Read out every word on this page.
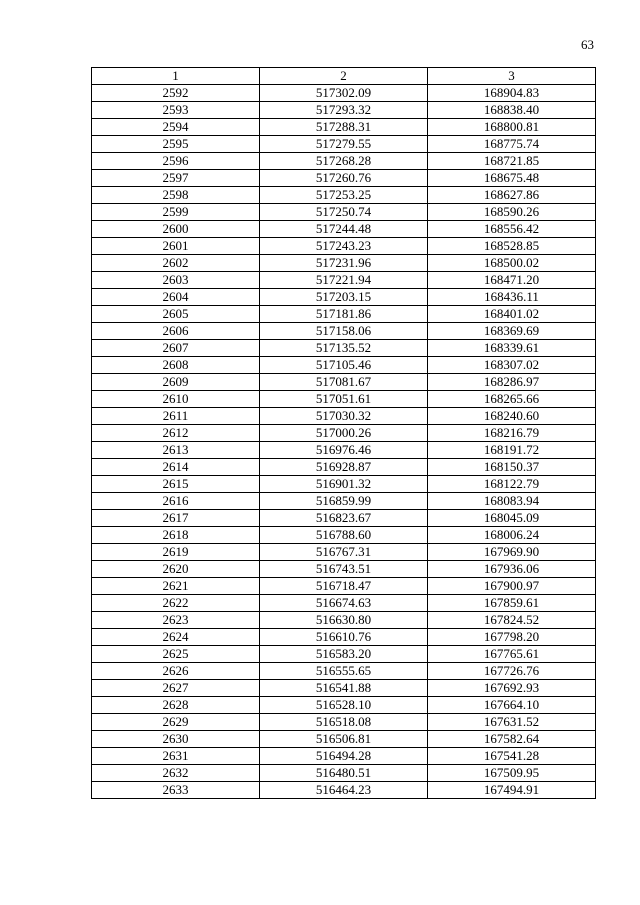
63
1	2	3
2592	517302.09	168904.83
2593	517293.32	168838.40
2594	517288.31	168800.81
2595	517279.55	168775.74
2596	517268.28	168721.85
2597	517260.76	168675.48
2598	517253.25	168627.86
2599	517250.74	168590.26
2600	517244.48	168556.42
2601	517243.23	168528.85
2602	517231.96	168500.02
2603	517221.94	168471.20
2604	517203.15	168436.11
2605	517181.86	168401.02
2606	517158.06	168369.69
2607	517135.52	168339.61
2608	517105.46	168307.02
2609	517081.67	168286.97
2610	517051.61	168265.66
2611	517030.32	168240.60
2612	517000.26	168216.79
2613	516976.46	168191.72
2614	516928.87	168150.37
2615	516901.32	168122.79
2616	516859.99	168083.94
2617	516823.67	168045.09
2618	516788.60	168006.24
2619	516767.31	167969.90
2620	516743.51	167936.06
2621	516718.47	167900.97
2622	516674.63	167859.61
2623	516630.80	167824.52
2624	516610.76	167798.20
2625	516583.20	167765.61
2626	516555.65	167726.76
2627	516541.88	167692.93
2628	516528.10	167664.10
2629	516518.08	167631.52
2630	516506.81	167582.64
2631	516494.28	167541.28
2632	516480.51	167509.95
2633	516464.23	167494.91
